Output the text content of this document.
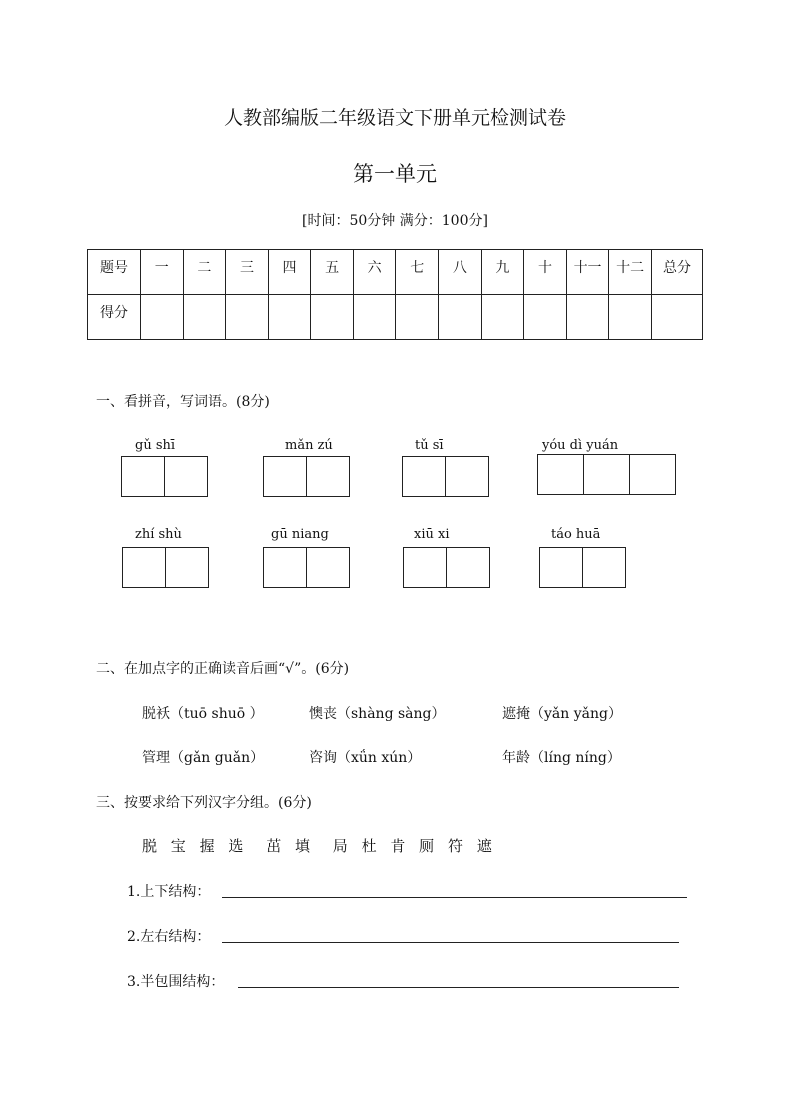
人教部编版二年级语文下册单元检测试卷
第一单元
[时间：50分钟 满分：100分]
题号	一	二	三	四	五	六	七	八	九	十	十一	十二	总分
得分													
一、看拼音，写词语。(8分)
gǔ shī	mǎn zú	tǔ sī	yóu dì yuán
zhí shù	gū niang	xiū xi	táo huā
二、在加点字的正确读音后画“√”。(6分)
脱袄（tuō shuō ）	懊丧（shàng sàng）	遮掩（yǎn yǎng）
管理（gǎn guǎn）	咨询（xǘn xún）	年龄（líng níng）
三、按要求给下列汉字分组。(6分)
脱 宝 握 选 茁 填 局 杜 肯 厕 符 遮
1.上下结构：
2.左右结构：
3.半包围结构：
